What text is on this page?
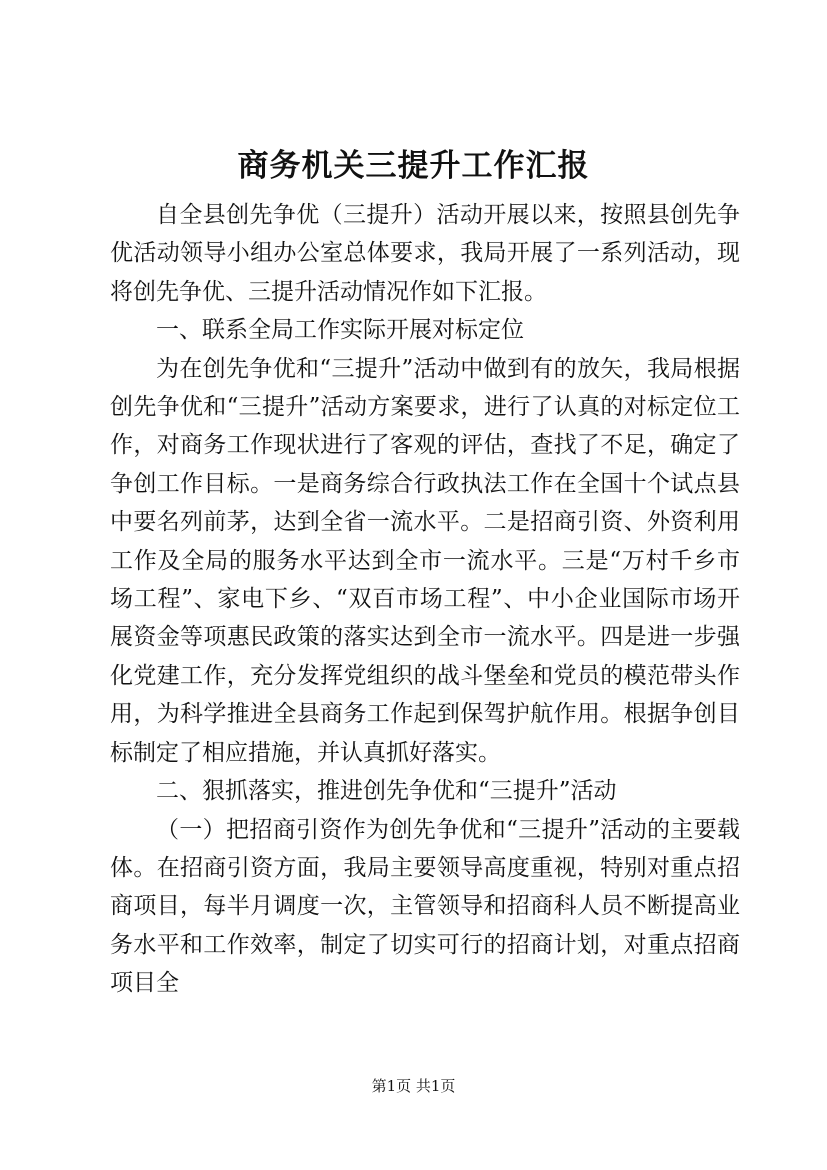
商务机关三提升工作汇报

自全县创先争优（三提升）活动开展以来，按照县创先争优活动领导小组办公室总体要求，我局开展了一系列活动，现将创先争优、三提升活动情况作如下汇报。

一、联系全局工作实际开展对标定位

为在创先争优和“三提升”活动中做到有的放矢，我局根据创先争优和“三提升”活动方案要求，进行了认真的对标定位工作，对商务工作现状进行了客观的评估，查找了不足，确定了争创工作目标。一是商务综合行政执法工作在全国十个试点县中要名列前茅，达到全省一流水平。二是招商引资、外资利用工作及全局的服务水平达到全市一流水平。三是“万村千乡市场工程”、家电下乡、“双百市场工程”、中小企业国际市场开展资金等项惠民政策的落实达到全市一流水平。四是进一步强化党建工作，充分发挥党组织的战斗堡垒和党员的模范带头作用，为科学推进全县商务工作起到保驾护航作用。根据争创目标制定了相应措施，并认真抓好落实。

二、狠抓落实，推进创先争优和“三提升”活动

（一）把招商引资作为创先争优和“三提升”活动的主要载体。在招商引资方面，我局主要领导高度重视，特别对重点招商项目，每半月调度一次，主管领导和招商科人员不断提高业务水平和工作效率，制定了切实可行的招商计划，对重点招商项目全

第1页 共1页
